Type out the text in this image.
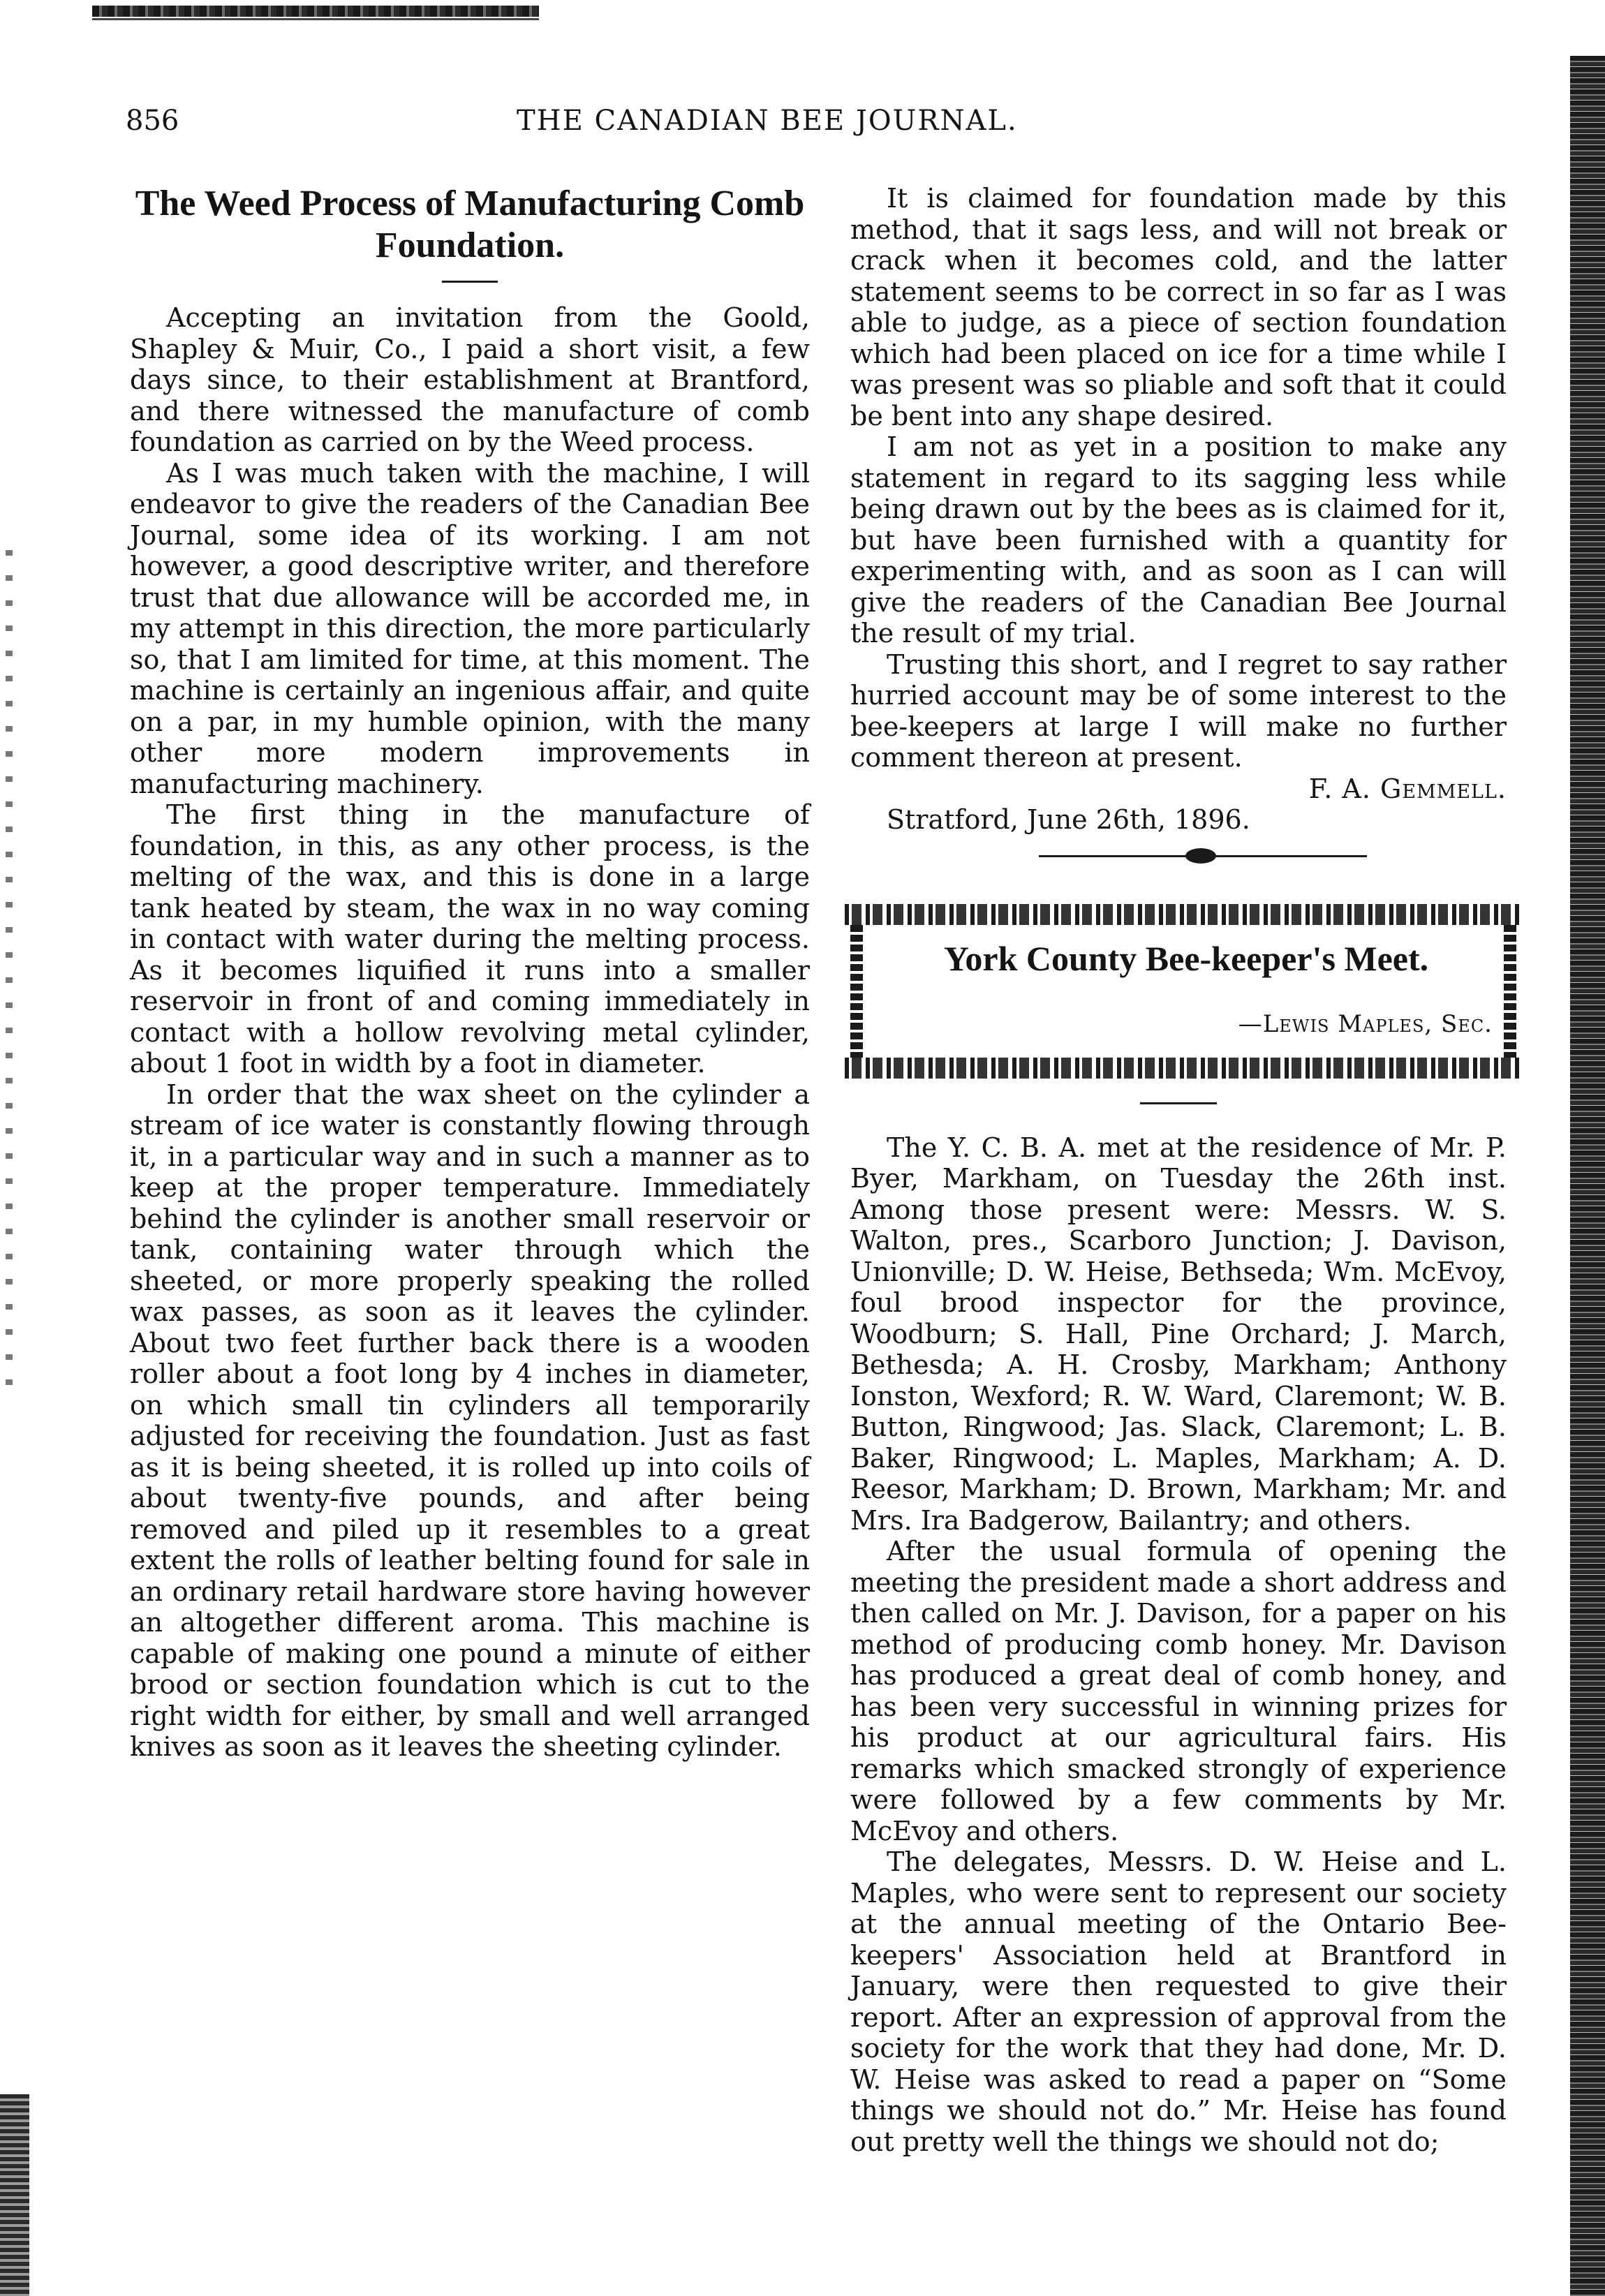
856	THE CANADIAN BEE JOURNAL.
The Weed Process of Manufacturing Comb Foundation.

Accepting an invitation from the Goold, Shapley & Muir, Co., I paid a short visit, a few days since, to their establishment at Brantford, and there witnessed the manufacture of comb foundation as carried on by the Weed process.

As I was much taken with the machine, I will endeavor to give the readers of the Canadian Bee Journal, some idea of its working. I am not however, a good descriptive writer, and therefore trust that due allowance will be accorded me, in my attempt in this direction, the more particularly so, that I am limited for time, at this moment. The machine is certainly an ingenious affair, and quite on a par, in my humble opinion, with the many other more modern improvements in manufacturing machinery.

The first thing in the manufacture of foundation, in this, as any other process, is the melting of the wax, and this is done in a large tank heated by steam, the wax in no way coming in contact with water during the melting process. As it becomes liquified it runs into a smaller reservoir in front of and coming immediately in contact with a hollow revolving metal cylinder, about 1 foot in width by a foot in diameter.

In order that the wax sheet on the cylinder a stream of ice water is constantly flowing through it, in a particular way and in such a manner as to keep at the proper temperature. Immediately behind the cylinder is another small reservoir or tank, containing water through which the sheeted, or more properly speaking the rolled wax passes, as soon as it leaves the cylinder. About two feet further back there is a wooden roller about a foot long by 4 inches in diameter, on which small tin cylinders all temporarily adjusted for receiving the foundation. Just as fast as it is being sheeted, it is rolled up into coils of about twenty-five pounds, and after being removed and piled up it resembles to a great extent the rolls of leather belting found for sale in an ordinary retail hardware store having however an altogether different aroma. This machine is capable of making one pound a minute of either brood or section foundation which is cut to the right width for either, by small and well arranged knives as soon as it leaves the sheeting cylinder.

It is claimed for foundation made by this method, that it sags less, and will not break or crack when it becomes cold, and the latter statement seems to be correct in so far as I was able to judge, as a piece of section foundation which had been placed on ice for a time while I was present was so pliable and soft that it could be bent into any shape desired.

I am not as yet in a position to make any statement in regard to its sagging less while being drawn out by the bees as is claimed for it, but have been furnished with a quantity for experimenting with, and as soon as I can will give the readers of the Canadian Bee Journal the result of my trial.

Trusting this short, and I regret to say rather hurried account may be of some interest to the bee-keepers at large I will make no further comment thereon at present.

F. A. Gemmell.

Stratford, June 26th, 1896.

York County Bee-keeper's Meet.
—Lewis Maples, Sec.

The Y. C. B. A. met at the residence of Mr. P. Byer, Markham, on Tuesday the 26th inst. Among those present were: Messrs. W. S. Walton, pres., Scarboro Junction; J. Davison, Unionville; D. W. Heise, Bethseda; Wm. McEvoy, foul brood inspector for the province, Woodburn; S. Hall, Pine Orchard; J. March, Bethesda; A. H. Crosby, Markham; Anthony Ionston, Wexford; R. W. Ward, Claremont; W. B. Button, Ringwood; Jas. Slack, Claremont; L. B. Baker, Ringwood; L. Maples, Markham; A. D. Reesor, Markham; D. Brown, Markham; Mr. and Mrs. Ira Badgerow, Bailantry; and others.

After the usual formula of opening the meeting the president made a short address and then called on Mr. J. Davison, for a paper on his method of producing comb honey. Mr. Davison has produced a great deal of comb honey, and has been very successful in winning prizes for his product at our agricultural fairs. His remarks which smacked strongly of experience were followed by a few comments by Mr. McEvoy and others.

The delegates, Messrs. D. W. Heise and L. Maples, who were sent to represent our society at the annual meeting of the Ontario Bee-keepers' Association held at Brantford in January, were then requested to give their report. After an expression of approval from the society for the work that they had done, Mr. D. W. Heise was asked to read a paper on “Some things we should not do.” Mr. Heise has found out pretty well the things we should not do;
